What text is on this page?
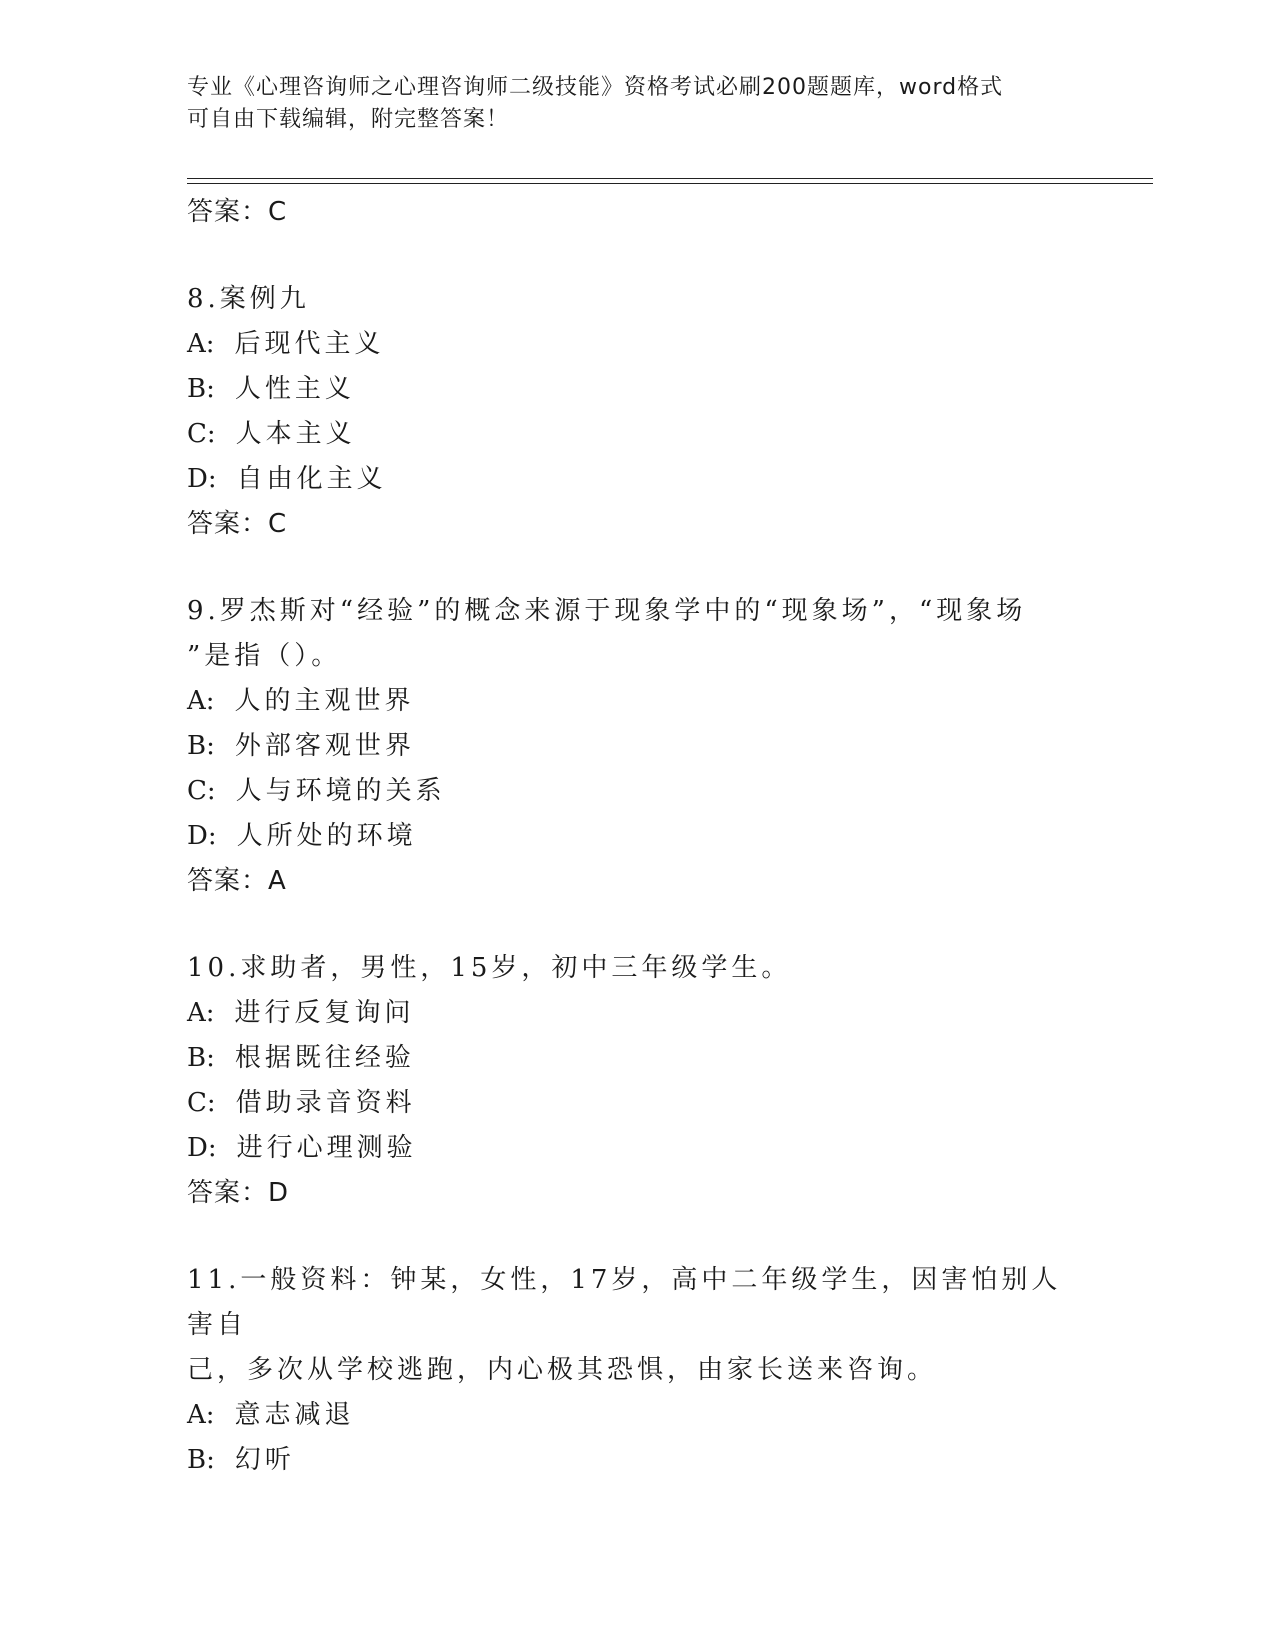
专业《心理咨询师之心理咨询师二级技能》资格考试必刷200题题库，word格式
可自由下载编辑，附完整答案！
答案：C
8.案例九
A: 后现代主义
B: 人性主义
C: 人本主义
D: 自由化主义
答案：C
9.罗杰斯对“经验”的概念来源于现象学中的“现象场”，“现象场
”是指（）。
A: 人的主观世界
B: 外部客观世界
C: 人与环境的关系
D: 人所处的环境
答案：A
10.求助者，男性，15岁，初中三年级学生。
A: 进行反复询问
B: 根据既往经验
C: 借助录音资料
D: 进行心理测验
答案：D
11.一般资料：钟某，女性，17岁，高中二年级学生，因害怕别人害自
己，多次从学校逃跑，内心极其恐惧，由家长送来咨询。
A: 意志减退
B: 幻听
